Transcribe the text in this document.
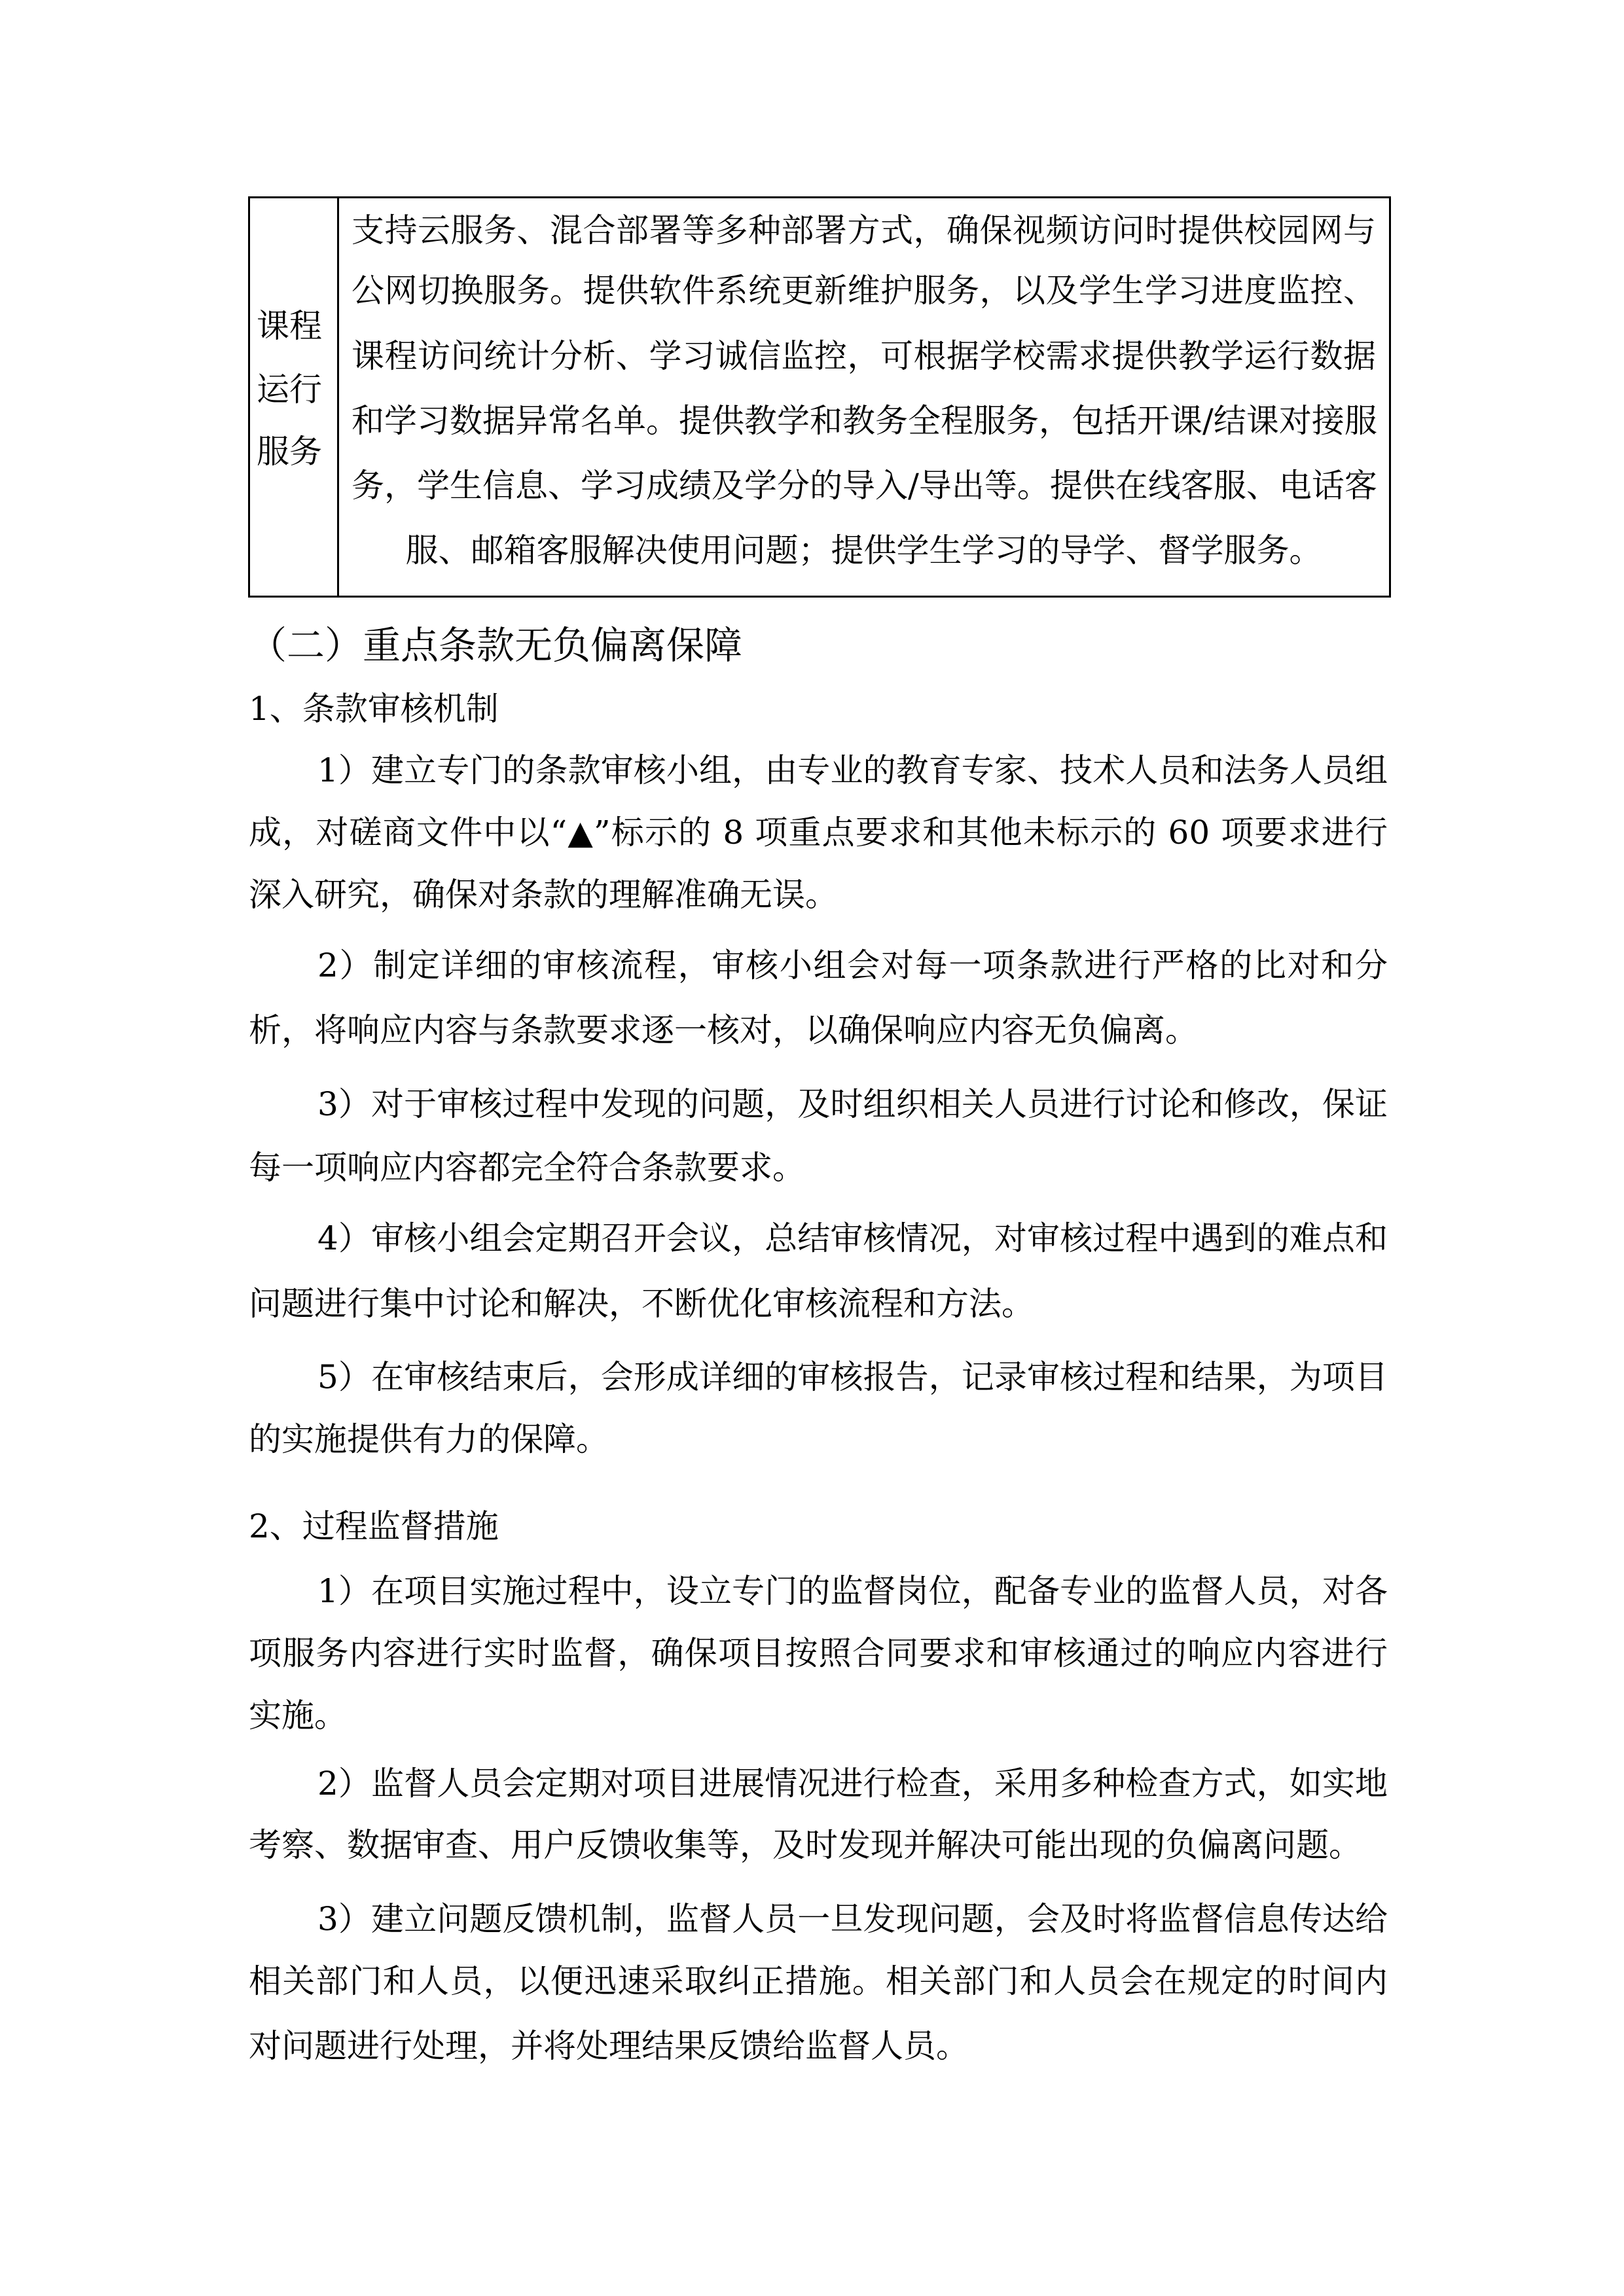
课程
运行
服务
支持云服务、混合部署等多种部署方式，确保视频访问时提供校园网与
公网切换服务。提供软件系统更新维护服务，以及学生学习进度监控、
课程访问统计分析、学习诚信监控，可根据学校需求提供教学运行数据
和学习数据异常名单。提供教学和教务全程服务，包括开课/结课对接服
务，学生信息、学习成绩及学分的导入/导出等。提供在线客服、电话客
服、邮箱客服解决使用问题；提供学生学习的导学、督学服务。
（二）重点条款无负偏离保障
1、条款审核机制
2、过程监督措施
1）建立专门的条款审核小组，由专业的教育专家、技术人员和法务人员组
成，对磋商文件中以“▲”标示的 8 项重点要求和其他未标示的 60 项要求进行
深入研究，确保对条款的理解准确无误。
2）制定详细的审核流程，审核小组会对每一项条款进行严格的比对和分
析，将响应内容与条款要求逐一核对，以确保响应内容无负偏离。
3）对于审核过程中发现的问题，及时组织相关人员进行讨论和修改，保证
每一项响应内容都完全符合条款要求。
4）审核小组会定期召开会议，总结审核情况，对审核过程中遇到的难点和
问题进行集中讨论和解决，不断优化审核流程和方法。
5）在审核结束后，会形成详细的审核报告，记录审核过程和结果，为项目
的实施提供有力的保障。
1）在项目实施过程中，设立专门的监督岗位，配备专业的监督人员，对各
项服务内容进行实时监督，确保项目按照合同要求和审核通过的响应内容进行
实施。
2）监督人员会定期对项目进展情况进行检查，采用多种检查方式，如实地
考察、数据审查、用户反馈收集等，及时发现并解决可能出现的负偏离问题。
3）建立问题反馈机制，监督人员一旦发现问题，会及时将监督信息传达给
相关部门和人员，以便迅速采取纠正措施。相关部门和人员会在规定的时间内
对问题进行处理，并将处理结果反馈给监督人员。
